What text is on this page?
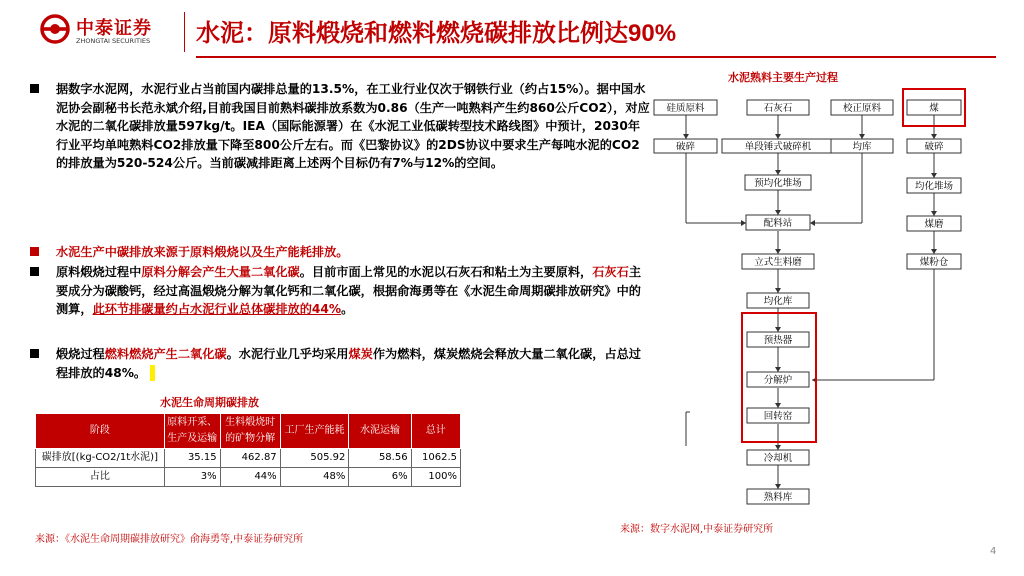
中泰证券
ZHONGTAI SECURITIES 水泥：原料煅烧和燃料燃烧碳排放比例达90%
据数字水泥网，水泥行业占当前国内碳排总量的13.5%，在工业行业仅次于钢铁行业（约占15%）。据中国水泥协会副秘书长范永斌介绍,目前我国目前熟料碳排放系数为0.86（生产一吨熟料产生约860公斤CO2），对应水泥的二氧化碳排放量597kg/t。IEA（国际能源署）在《水泥工业低碳转型技术路线图》中预计，2030年行业平均单吨熟料CO2排放量下降至800公斤左右。而《巴黎协议》的2DS协议中要求生产每吨水泥的CO2的排放量为520-524公斤。当前碳减排距离上述两个目标仍有7%与12%的空间。
水泥生产中碳排放来源于原料煅烧以及生产能耗排放。
原料煅烧过程中原料分解会产生大量二氧化碳。目前市面上常见的水泥以石灰石和粘土为主要原料，石灰石主要成分为碳酸钙，经过高温煅烧分解为氧化钙和二氧化碳，根据俞海勇等在《水泥生命周期碳排放研究》中的测算，此环节排碳量约占水泥行业总体碳排放的44%。
煅烧过程燃料燃烧产生二氧化碳。水泥行业几乎均采用煤炭作为燃料，煤炭燃烧会释放大量二氧化碳，占总过程排放的48%。
水泥生命周期碳排放
阶段	原料开采、生产及运输	生料煅烧时的矿物分解	工厂生产能耗	水泥运输	总计
碳排放[(kg-CO2/1t水泥)]	35.15	462.87	505.92	58.56	1062.5
占比	3%	44%	48%	6%	100%
来源：《水泥生命周期碳排放研究》俞海勇等,中泰证券研究所
水泥熟料主要生产过程
硅质原料	石灰石	校正原料	煤
破碎	单段锤式破碎机	均库	破碎
预均化堆场
配料站
立式生料磨
均化库
预热器
分解炉
回转窑
冷却机
熟料库
均化堆场
煤磨
煤粉仓
来源：数字水泥网,中泰证券研究所
4
